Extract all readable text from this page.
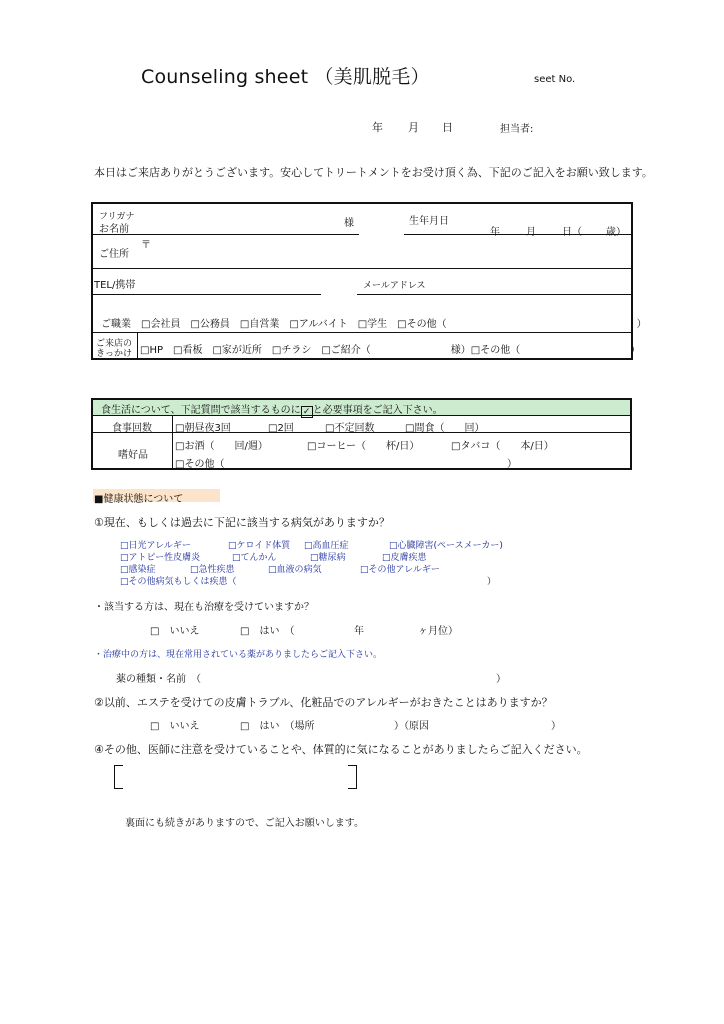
Counseling sheet （美肌脱毛）	seet No.
年 月 日	担当者:
本日はご来店ありがとうございます。安心してトリートメントをお受け頂く為、下記のご記入をお願い致します。
フリガナ
お名前
様	生年月日
年	月	日（ 歳）
〒
ご住所
TEL/携帯	メールアドレス
ご職業 □会社員　□公務員　□自営業　□アルバイト　□学生　□その他（　　　　　　　　　　　　　　　　　　　）
ご来店の
きっかけ □HP　□看板　□家が近所　□チラシ　□ご紹介（　　　　　　　　様）□その他（　　　　　　　　　　　）
食生活について、下記質問で該当するものに ✓ と必要事項をご記入下さい。
食事回数 □朝昼夜3回	□2回	□不定回数	□間食（　　回）
嗜好品
□お酒（　　回/週）	□コーヒー（　　杯/日）	□タバコ（　　本/日）
□その他（	）
■健康状態について
①現在、もしくは過去に下記に該当する病気がありますか？
□日光アレルギー	□ケロイド体質 □高血圧症	□心臓障害(ペースメーカー)
□アトピー性皮膚炎	□てんかん	□糖尿病	□皮膚疾患
□感染症	□急性疾患	□血液の病気	□その他アレルギー
□その他病気もしくは疾患（	）
・該当する方は、現在も治療を受けていますか？
□　いいえ	□　はい　（	年	ヶ月位）
・治療中の方は、現在常用されている薬がありましたらご記入下さい。
薬の種類・名前　（	）
②以前、エステを受けての皮膚トラブル、化粧品でのアレルギーがおきたことはありますか？
□　いいえ	□　はい　（場所	）（原因	）
④その他、医師に注意を受けていることや、体質的に気になることがありましたらご記入ください。
裏面にも続きがありますので、ご記入お願いします。
